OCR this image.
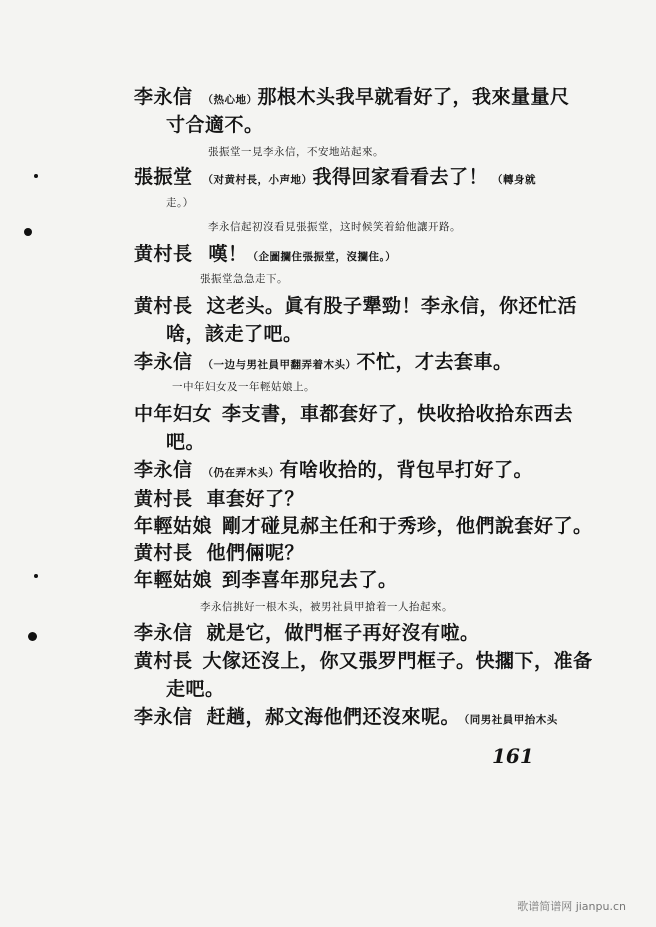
李永信 （热心地）那根木头我早就看好了，我來量量尺
寸合適不。
張振堂一見李永信，不安地站起來。
張振堂 （对黄村長，小声地）我得回家看看去了！ （轉身就
走。）
李永信起初沒看見張振堂，这时候笑着給他讓开路。
黄村長 嘆！（企圖攔住張振堂，沒攔住。）
張振堂急急走下。
黄村長 这老头。眞有股子犟勁！李永信，你还忙活
啥，該走了吧。
李永信 （一边与男社員甲翻弄着木头）不忙，才去套車。
一中年妇女及一年輕姑娘上。
中年妇女 李支書，車都套好了，快收拾收拾东西去
吧。
李永信 （仍在弄木头）有啥收拾的，背包早打好了。
黄村長 車套好了？
年輕姑娘 剛才碰見郝主任和于秀珍，他們說套好了。
黄村長 他們倆呢？
年輕姑娘 到李喜年那兒去了。
李永信挑好一根木头，被男社員甲搶着一人抬起來。
李永信 就是它，做門框子再好沒有啦。
黄村長 大傢还沒上，你又張罗門框子。快擱下，准备
走吧。
李永信 赶趟，郝文海他們还沒來呢。 （同男社員甲抬木头
161
歌谱简谱网 jianpu.cn
